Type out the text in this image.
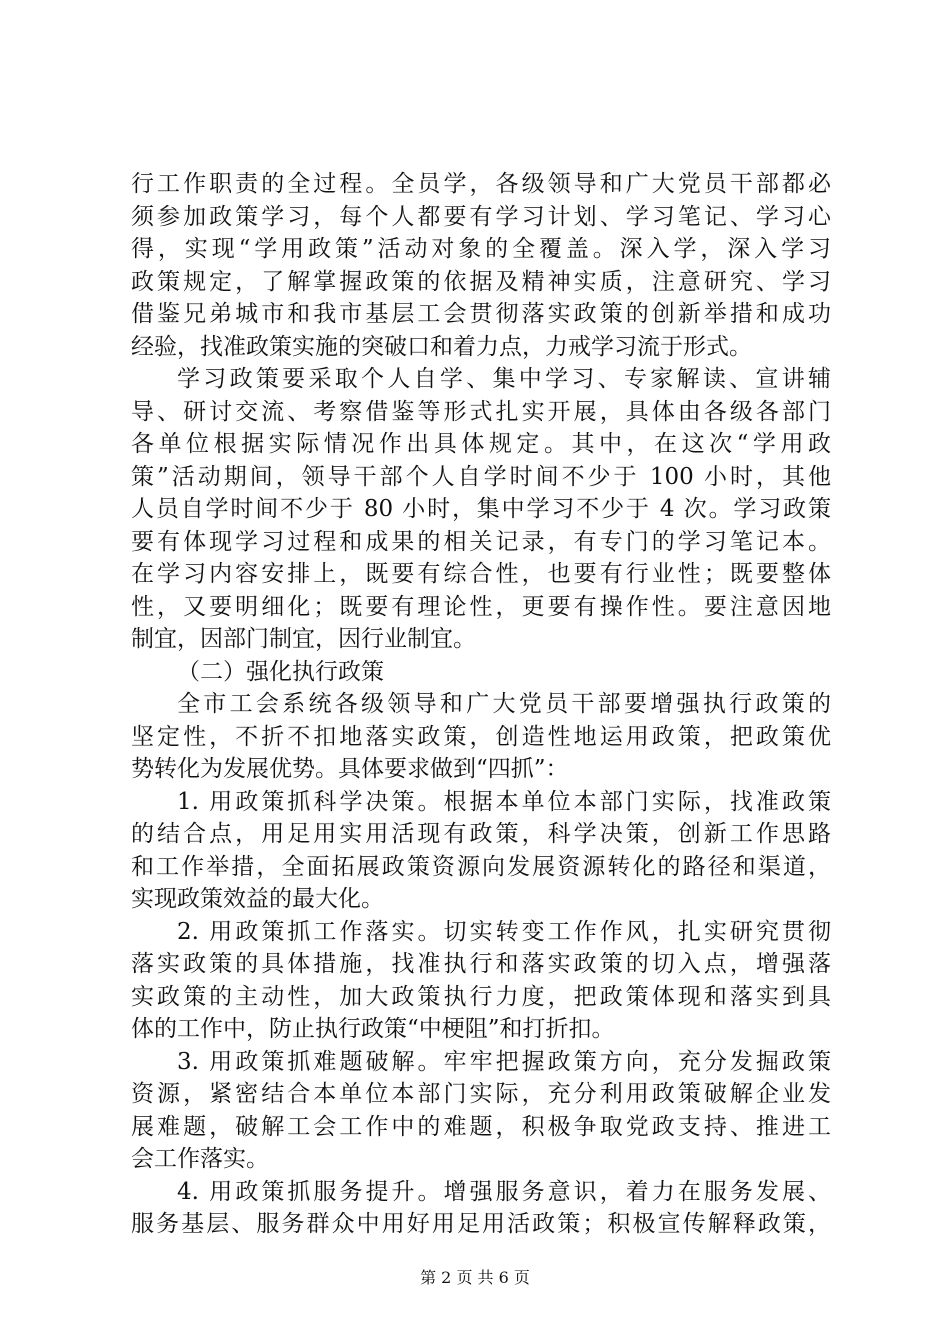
行工作职责的全过程。全员学，各级领导和广大党员干部都必
须参加政策学习，每个人都要有学习计划、学习笔记、学习心
得，实现“学用政策”活动对象的全覆盖。深入学，深入学习
政策规定，了解掌握政策的依据及精神实质，注意研究、学习
借鉴兄弟城市和我市基层工会贯彻落实政策的创新举措和成功
经验，找准政策实施的突破口和着力点，力戒学习流于形式。
学习政策要采取个人自学、集中学习、专家解读、宣讲辅
导、研讨交流、考察借鉴等形式扎实开展，具体由各级各部门
各单位根据实际情况作出具体规定。其中，在这次“学用政
策”活动期间，领导干部个人自学时间不少于 100 小时，其他
人员自学时间不少于 80 小时，集中学习不少于 4 次。学习政策
要有体现学习过程和成果的相关记录，有专门的学习笔记本。
在学习内容安排上，既要有综合性，也要有行业性；既要整体
性，又要明细化；既要有理论性，更要有操作性。要注意因地
制宜，因部门制宜，因行业制宜。
（二）强化执行政策
全市工会系统各级领导和广大党员干部要增强执行政策的
坚定性，不折不扣地落实政策，创造性地运用政策，把政策优
势转化为发展优势。具体要求做到“四抓”：
1. 用政策抓科学决策。根据本单位本部门实际，找准政策
的结合点，用足用实用活现有政策，科学决策，创新工作思路
和工作举措，全面拓展政策资源向发展资源转化的路径和渠道，
实现政策效益的最大化。
2. 用政策抓工作落实。切实转变工作作风，扎实研究贯彻
落实政策的具体措施，找准执行和落实政策的切入点，增强落
实政策的主动性，加大政策执行力度，把政策体现和落实到具
体的工作中，防止执行政策“中梗阻”和打折扣。
3. 用政策抓难题破解。牢牢把握政策方向，充分发掘政策
资源，紧密结合本单位本部门实际，充分利用政策破解企业发
展难题，破解工会工作中的难题，积极争取党政支持、推进工
会工作落实。
4. 用政策抓服务提升。增强服务意识，着力在服务发展、
服务基层、服务群众中用好用足用活政策；积极宣传解释政策，
第 2 页 共 6 页
